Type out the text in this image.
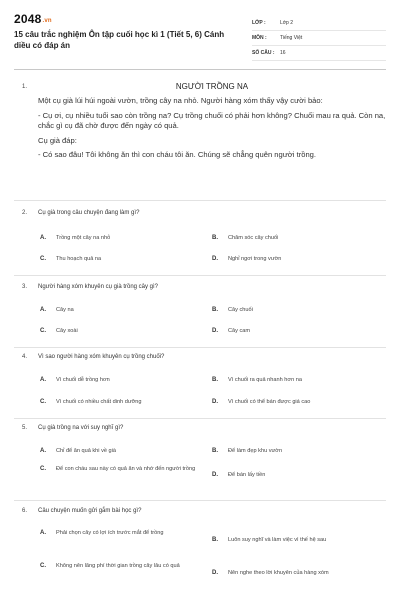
2048.vn
15 câu trắc nghiệm Ôn tập cuối học kì 1 (Tiết 5, 6) Cánh diều có đáp án
LỚP :	Lớp 2
MÔN :	Tiếng Việt
SỐ CÂU :	16
1.	NGƯỜI TRỒNG NA

Một cụ già lúi húi ngoài vườn, trồng cây na nhỏ. Người hàng xóm thấy vậy cười bảo:

- Cụ ơi, cụ nhiều tuổi sao còn trồng na? Cụ trồng chuối có phải hơn không? Chuối mau ra quả. Còn na, chắc gì cụ đã chờ được đến ngày có quả.

Cụ già đáp:

- Có sao đâu! Tôi không ăn thì con cháu tôi ăn. Chúng sẽ chẳng quên người trồng.

2. Cụ già trong câu chuyện đang làm gì?
A.	Trồng một cây na nhỏ	B.	Chăm sóc cây chuối
C.	Thu hoạch quả na	D.	Nghỉ ngơi trong vườn
3. Người hàng xóm khuyên cụ già trồng cây gì?
A.	Cây na	B.	Cây chuối
C.	Cây xoài	D.	Cây cam
4. Vì sao người hàng xóm khuyên cụ trồng chuối?
A.	Vì chuối dễ trồng hơn	B.	Vì chuối ra quả nhanh hơn na
C.	Vì chuối có nhiều chất dinh dưỡng	D.	Vì chuối có thể bán được giá cao
5. Cụ già trồng na với suy nghĩ gì?
A.	Chỉ để ăn quả khi về già	B.	Để làm đẹp khu vườn
C.	Để con cháu sau này có quả ăn và nhớ đến người trồng
D.	Để bán lấy tiền
6. Câu chuyện muốn gửi gắm bài học gì?
A.	Phải chọn cây có lợi ích trước mắt để trồng
B.	Luôn suy nghĩ và làm việc vì thế hệ sau
C.	Không nên lãng phí thời gian trồng cây lâu có quả
D.	Nên nghe theo lời khuyên của hàng xóm
